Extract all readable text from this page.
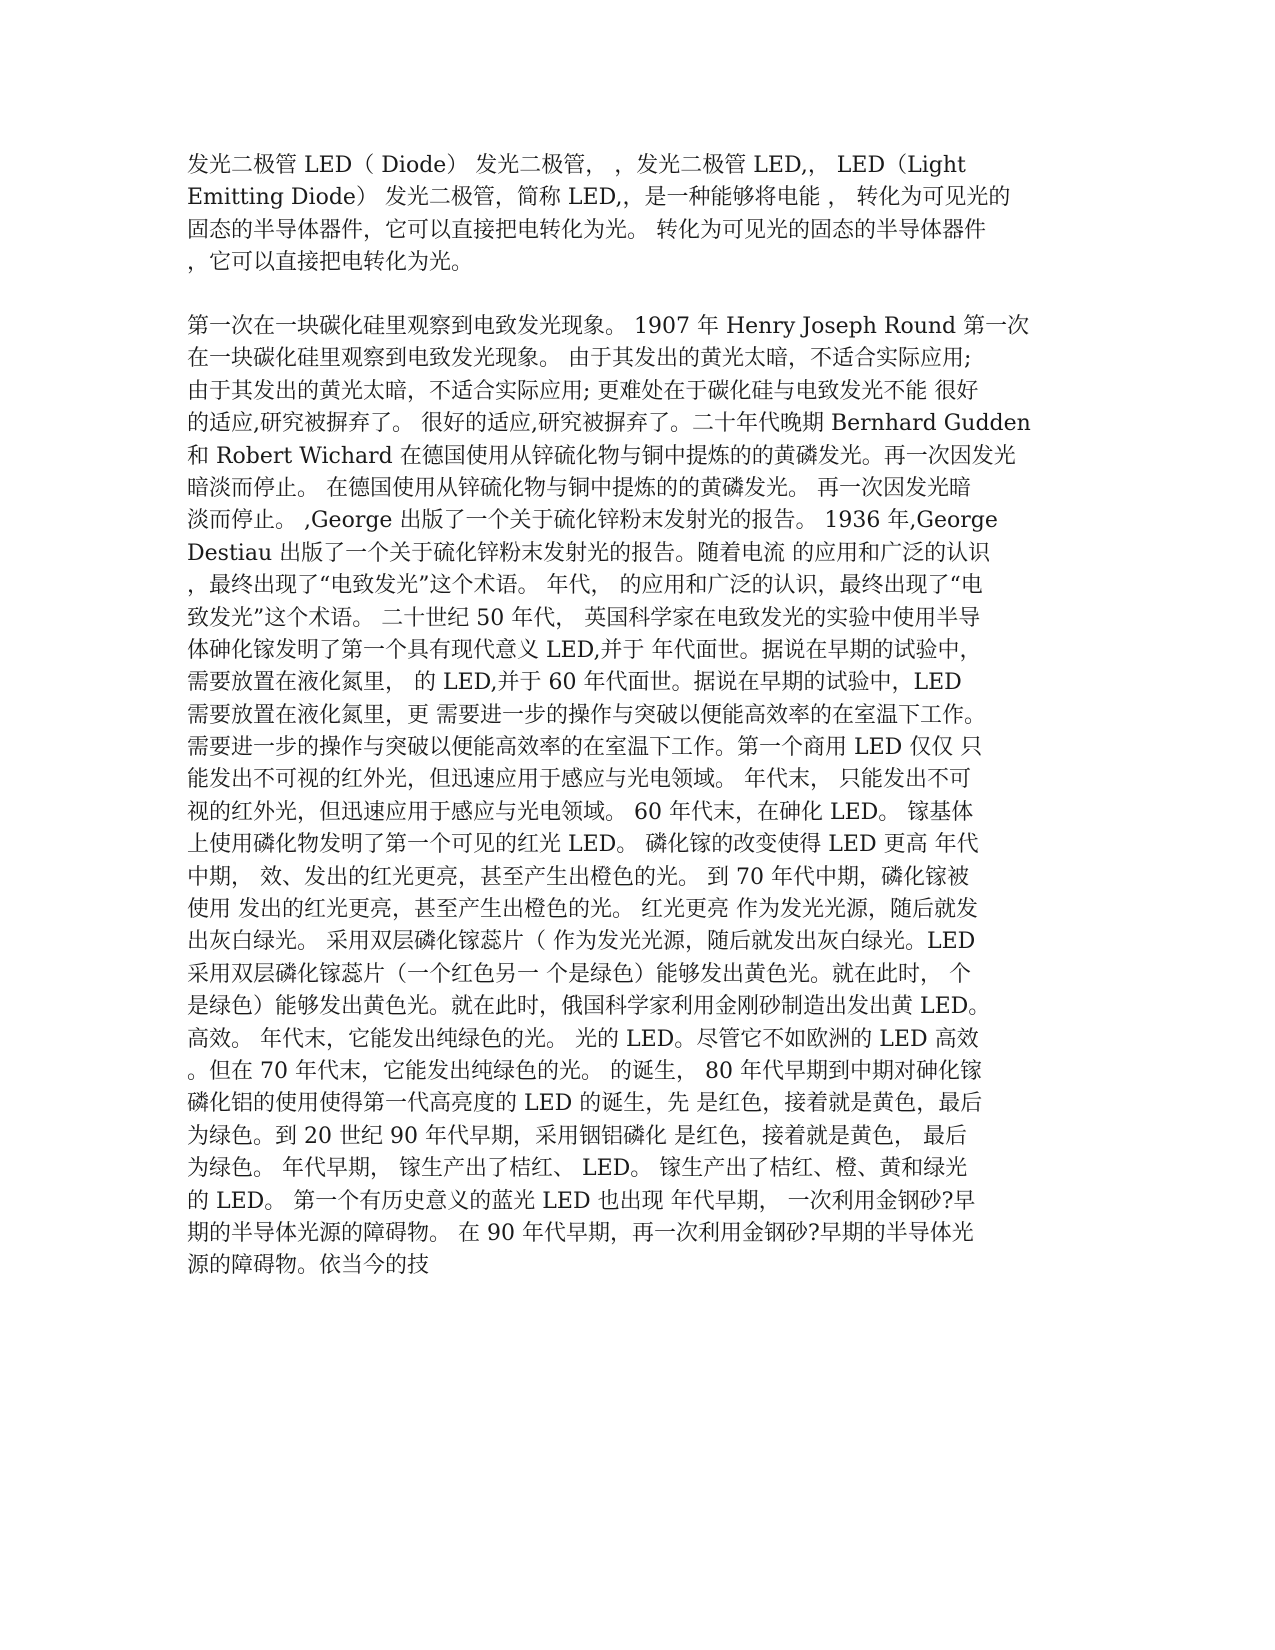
发光二极管 LED（ Diode） 发光二极管， ，发光二极管 LED,， LED（Light
Emitting Diode） 发光二极管，简称 LED,，是一种能够将电能 ， 转化为可见光的
固态的半导体器件，它可以直接把电转化为光。 转化为可见光的固态的半导体器件
，它可以直接把电转化为光。
第一次在一块碳化硅里观察到电致发光现象。 1907 年 Henry Joseph Round 第一次
在一块碳化硅里观察到电致发光现象。 由于其发出的黄光太暗，不适合实际应用;
由于其发出的黄光太暗，不适合实际应用; 更难处在于碳化硅与电致发光不能 很好
的适应,研究被摒弃了。 很好的适应,研究被摒弃了。二十年代晚期 Bernhard Gudden
和 Robert Wichard 在德国使用从锌硫化物与铜中提炼的的黄磷发光。再一次因发光
暗淡而停止。 在德国使用从锌硫化物与铜中提炼的的黄磷发光。 再一次因发光暗
淡而停止。 ,George 出版了一个关于硫化锌粉末发射光的报告。 1936 年,George
Destiau 出版了一个关于硫化锌粉末发射光的报告。随着电流 的应用和广泛的认识
，最终出现了“电致发光”这个术语。 年代， 的应用和广泛的认识，最终出现了“电
致发光”这个术语。 二十世纪 50 年代， 英国科学家在电致发光的实验中使用半导
体砷化镓发明了第一个具有现代意义 LED,并于 年代面世。据说在早期的试验中，
需要放置在液化氮里， 的 LED,并于 60 年代面世。据说在早期的试验中，LED
需要放置在液化氮里，更 需要进一步的操作与突破以便能高效率的在室温下工作。
需要进一步的操作与突破以便能高效率的在室温下工作。第一个商用 LED 仅仅 只
能发出不可视的红外光，但迅速应用于感应与光电领域。 年代末， 只能发出不可
视的红外光，但迅速应用于感应与光电领域。 60 年代末，在砷化 LED。 镓基体
上使用磷化物发明了第一个可见的红光 LED。 磷化镓的改变使得 LED 更高 年代
中期， 效、发出的红光更亮，甚至产生出橙色的光。 到 70 年代中期，磷化镓被
使用 发出的红光更亮，甚至产生出橙色的光。 红光更亮 作为发光光源，随后就发
出灰白绿光。 采用双层磷化镓蕊片（ 作为发光光源，随后就发出灰白绿光。LED
采用双层磷化镓蕊片（一个红色另一 个是绿色）能够发出黄色光。就在此时， 个
是绿色）能够发出黄色光。就在此时，俄国科学家利用金刚砂制造出发出黄 LED。
高效。 年代末，它能发出纯绿色的光。 光的 LED。尽管它不如欧洲的 LED 高效
。但在 70 年代末，它能发出纯绿色的光。 的诞生， 80 年代早期到中期对砷化镓
磷化铝的使用使得第一代高亮度的 LED 的诞生，先 是红色，接着就是黄色，最后
为绿色。到 20 世纪 90 年代早期，采用铟铝磷化 是红色，接着就是黄色， 最后
为绿色。 年代早期， 镓生产出了桔红、 LED。 镓生产出了桔红、橙、黄和绿光
的 LED。 第一个有历史意义的蓝光 LED 也出现 年代早期， 一次利用金钢砂?早
期的半导体光源的障碍物。 在 90 年代早期，再一次利用金钢砂?早期的半导体光
源的障碍物。依当今的技
